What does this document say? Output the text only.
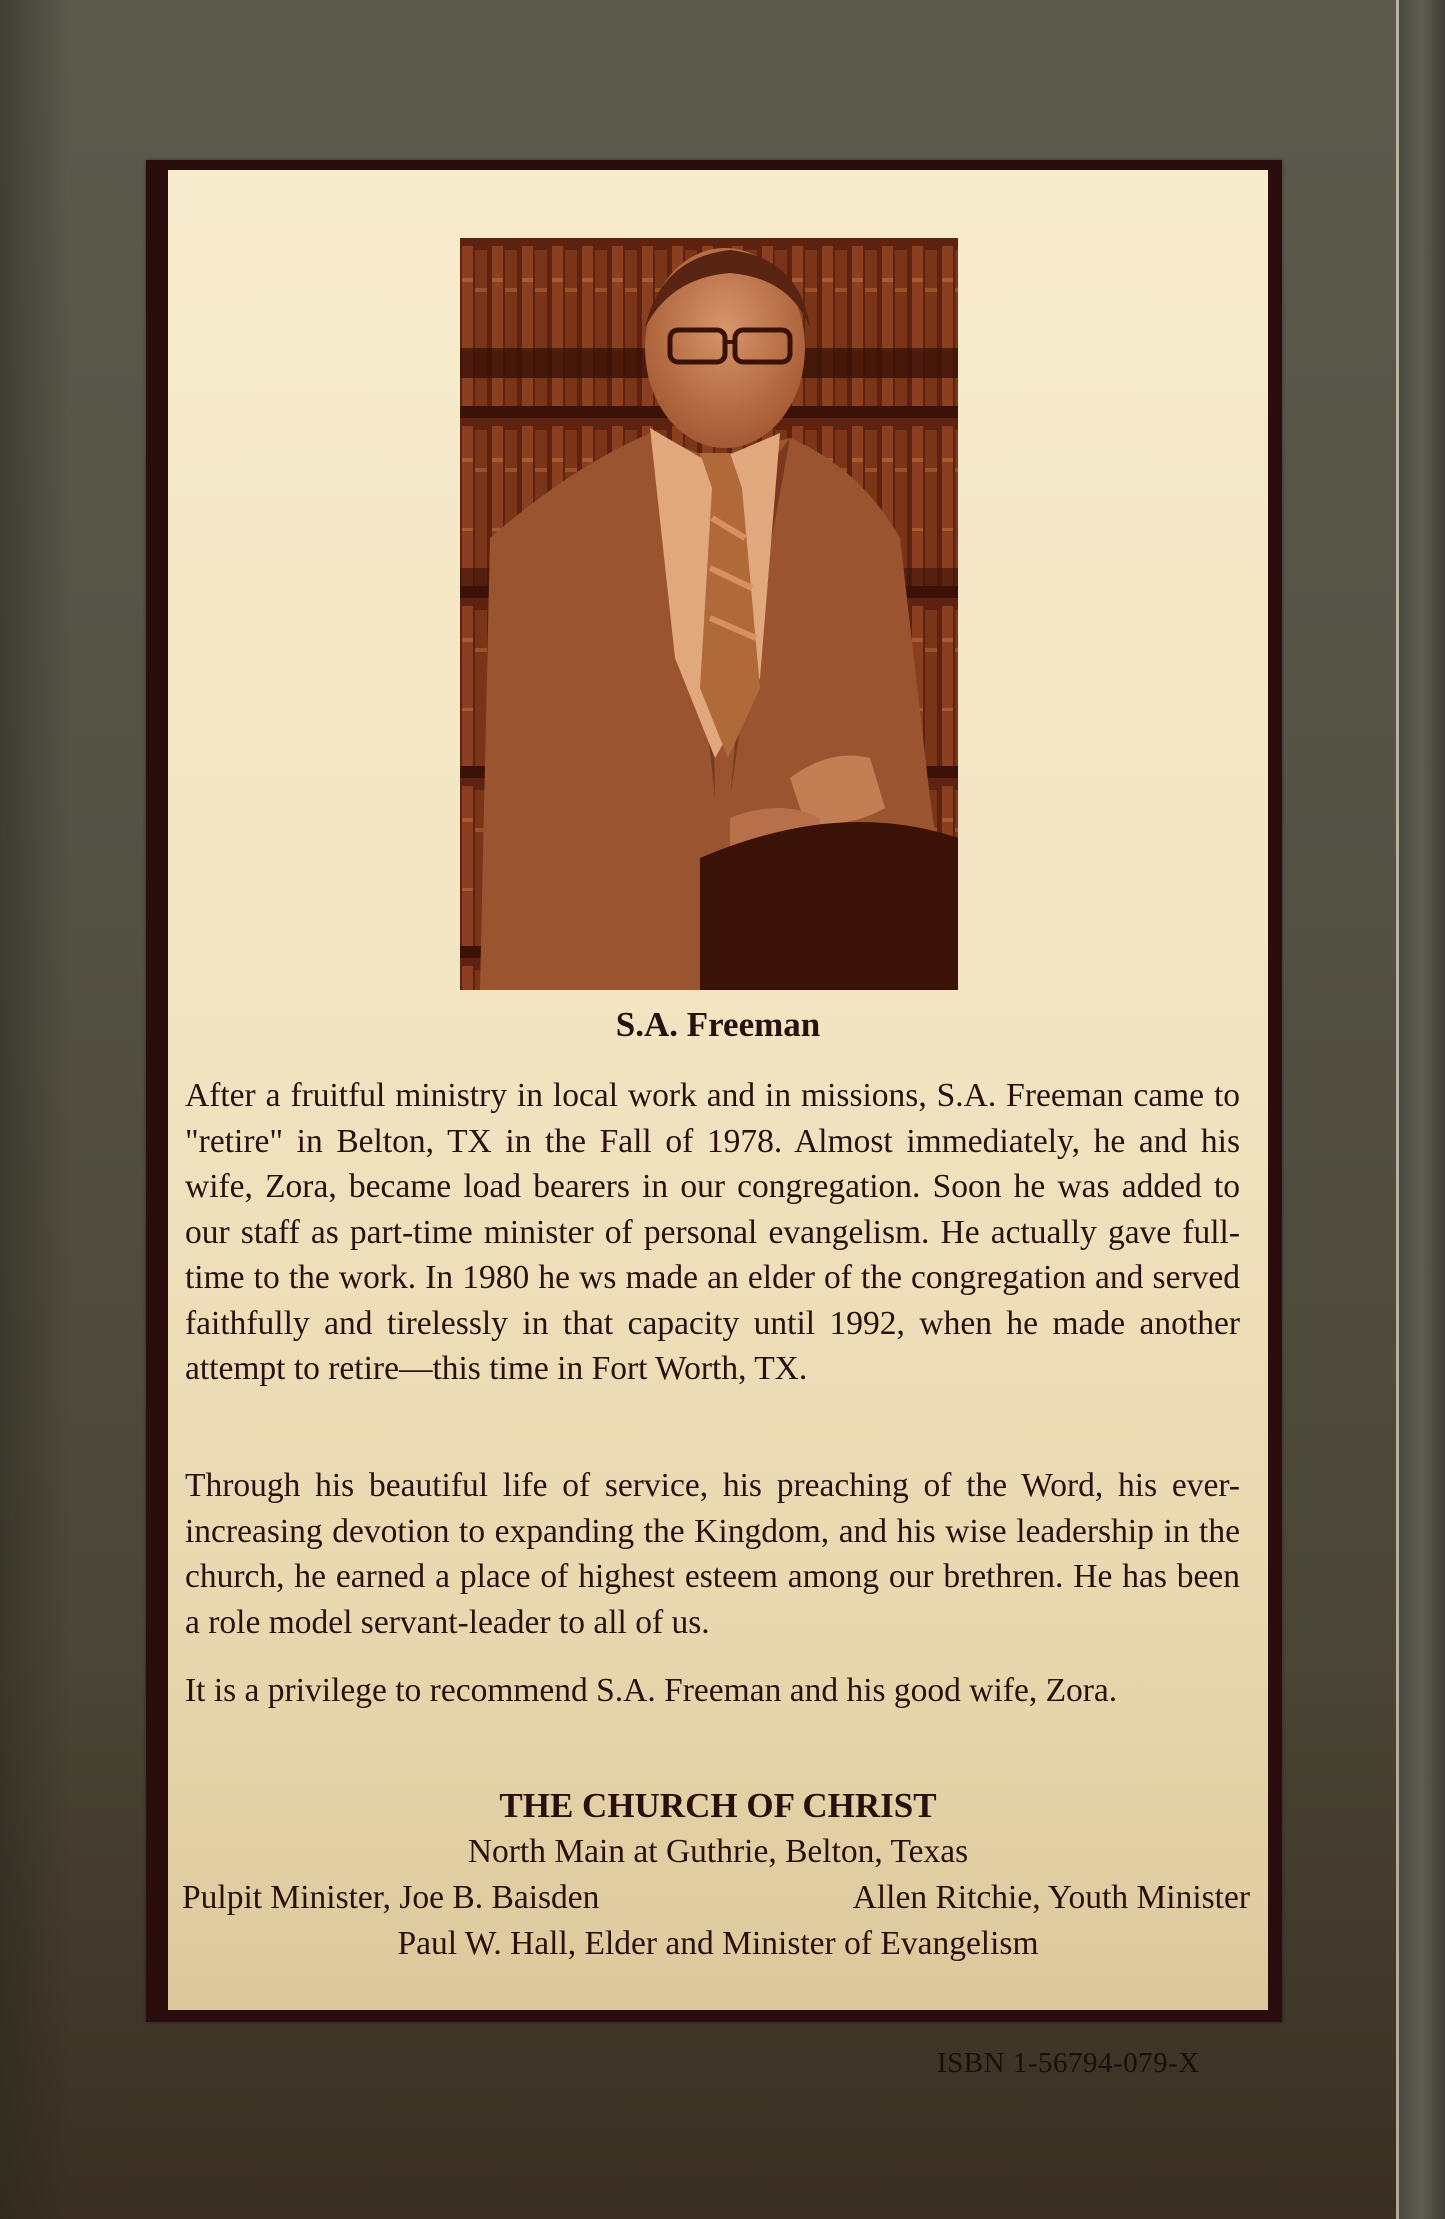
S.A. Freeman

After a fruitful ministry in local work and in missions, S.A. Freeman came to "retire" in Belton, TX in the Fall of 1978. Almost immediately, he and his wife, Zora, became load bearers in our congregation. Soon he was added to our staff as part-time minister of personal evangelism. He actually gave full-time to the work. In 1980 he ws made an elder of the congregation and served faithfully and tirelessly in that capacity until 1992, when he made another attempt to retire—this time in Fort Worth, TX.

Through his beautiful life of service, his preaching of the Word, his ever-increasing devotion to expanding the Kingdom, and his wise leadership in the church, he earned a place of highest esteem among our brethren. He has been a role model servant-leader to all of us.

It is a privilege to recommend S.A. Freeman and his good wife, Zora.

THE CHURCH OF CHRIST
North Main at Guthrie, Belton, Texas
Pulpit Minister, Joe B. Baisden	Allen Ritchie, Youth Minister
Paul W. Hall, Elder and Minister of Evangelism
ISBN 1-56794-079-X
